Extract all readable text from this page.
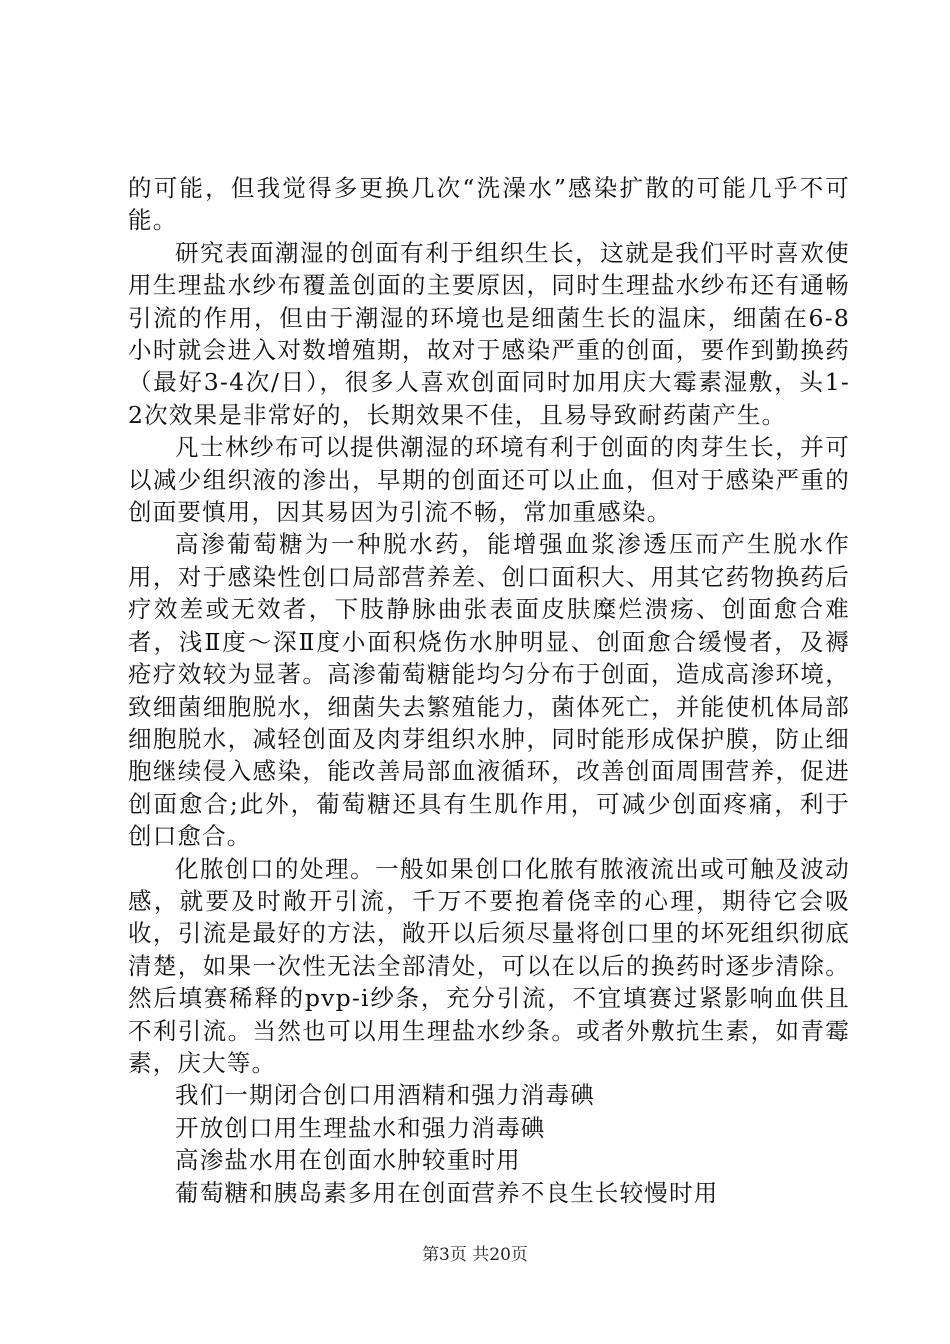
的可能，但我觉得多更换几次“洗澡水”感染扩散的可能几乎不可能。

研究表面潮湿的创面有利于组织生长，这就是我们平时喜欢使用生理盐水纱布覆盖创面的主要原因，同时生理盐水纱布还有通畅引流的作用，但由于潮湿的环境也是细菌生长的温床，细菌在6-8小时就会进入对数增殖期，故对于感染严重的创面，要作到勤换药（最好3-4次/日），很多人喜欢创面同时加用庆大霉素湿敷，头1-2次效果是非常好的，长期效果不佳，且易导致耐药菌产生。

凡士林纱布可以提供潮湿的环境有利于创面的肉芽生长，并可以减少组织液的渗出，早期的创面还可以止血，但对于感染严重的创面要慎用，因其易因为引流不畅，常加重感染。

高渗葡萄糖为一种脱水药，能增强血浆渗透压而产生脱水作用，对于感染性创口局部营养差、创口面积大、用其它药物换药后疗效差或无效者，下肢静脉曲张表面皮肤糜烂溃疡、创面愈合难者，浅Ⅱ度～深Ⅱ度小面积烧伤水肿明显、创面愈合缓慢者，及褥疮疗效较为显著。高渗葡萄糖能均匀分布于创面，造成高渗环境，致细菌细胞脱水，细菌失去繁殖能力，菌体死亡，并能使机体局部细胞脱水，减轻创面及肉芽组织水肿，同时能形成保护膜，防止细胞继续侵入感染，能改善局部血液循环，改善创面周围营养，促进创面愈合;此外，葡萄糖还具有生肌作用，可减少创面疼痛，利于创口愈合。

化脓创口的处理。一般如果创口化脓有脓液流出或可触及波动感，就要及时敞开引流，千万不要抱着侥幸的心理，期待它会吸收，引流是最好的方法，敞开以后须尽量将创口里的坏死组织彻底清楚，如果一次性无法全部清处，可以在以后的换药时逐步清除。然后填赛稀释的pvp-i纱条，充分引流，不宜填赛过紧影响血供且不利引流。当然也可以用生理盐水纱条。或者外敷抗生素，如青霉素，庆大等。

我们一期闭合创口用酒精和强力消毒碘

开放创口用生理盐水和强力消毒碘

高渗盐水用在创面水肿较重时用

葡萄糖和胰岛素多用在创面营养不良生长较慢时用

第3页 共20页
